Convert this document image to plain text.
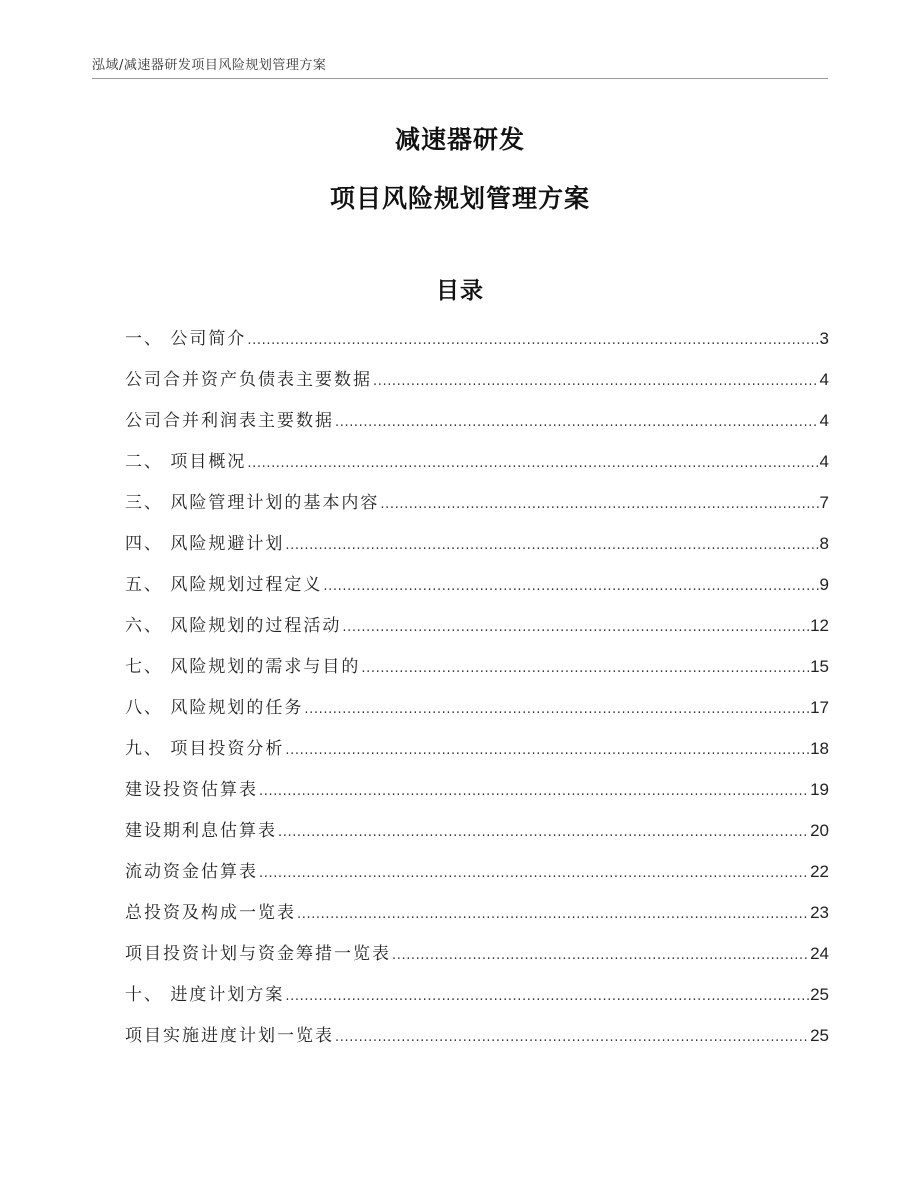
泓域/减速器研发项目风险规划管理方案
减速器研发
项目风险规划管理方案
目录
一、 公司简介 .....	3
公司合并资产负债表主要数据 .....	4
公司合并利润表主要数据 .....	4
二、 项目概况 .....	4
三、 风险管理计划的基本内容 .....	7
四、 风险规避计划 .....	8
五、 风险规划过程定义 .....	9
六、 风险规划的过程活动 .....	12
七、 风险规划的需求与目的 .....	15
八、 风险规划的任务 .....	17
九、 项目投资分析 .....	18
建设投资估算表 .....	19
建设期利息估算表 .....	20
流动资金估算表 .....	22
总投资及构成一览表 .....	23
项目投资计划与资金筹措一览表 .....	24
十、 进度计划方案 .....	25
项目实施进度计划一览表 .....	25
